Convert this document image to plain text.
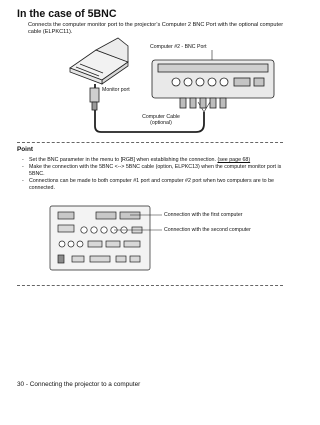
In the case of 5BNC
Connects the computer monitor port to the projector’s Computer 2 BNC Port with the optional computer cable (ELPKC11).
Computer #2 - BNC Port
Monitor port
Computer Cable
(optional)
Point
- Set the BNC parameter in the menu to [RGB] when establishing the connection. (see page 68)
- Make the connection with the 5BNC <--> 5BNC cable (option, ELPKC13) when the computer monitor port is 5BNC.
- Connections can be made to both computer #1 port and computer #2 port when two computers are to be connected.
Connection with the first computer
Connection with the second computer
30 - Connecting the projector to a computer
